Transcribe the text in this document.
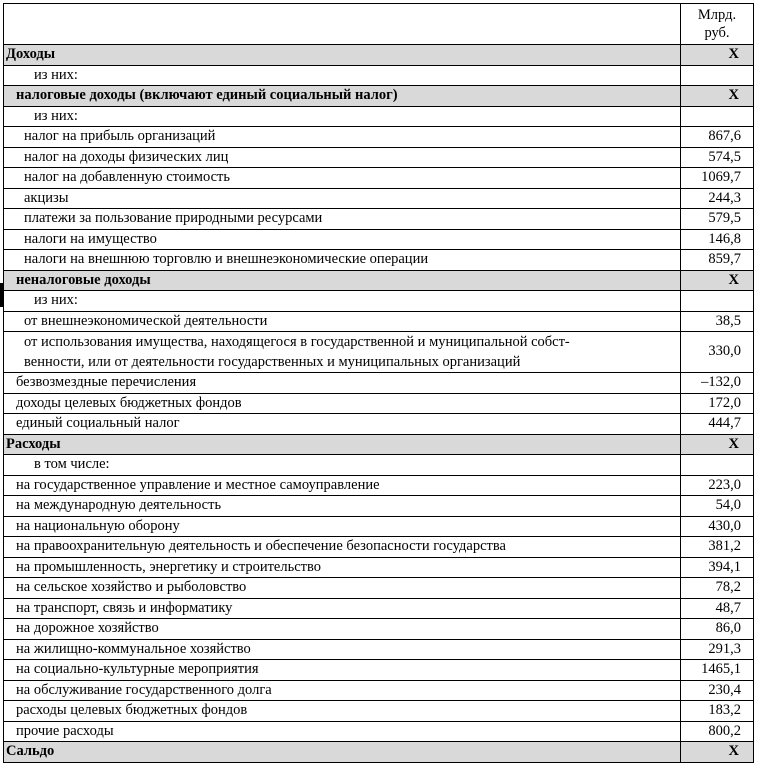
	Млрд.
руб.
Доходы	X
из них:	
налоговые доходы (включают единый социальный налог)	X
из них:	
налог на прибыль организаций	867,6
налог на доходы физических лиц	574,5
налог на добавленную стоимость	1069,7
акцизы	244,3
платежи за пользование природными ресурсами	579,5
налоги на имущество	146,8
налоги на внешнюю торговлю и внешнеэкономические операции	859,7
неналоговые доходы	X
из них:	
от внешнеэкономической деятельности	38,5
от использования имущества, находящегося в государственной и муниципальной собст-
венности, или от деятельности государственных и муниципальных организаций	330,0
безвозмездные перечисления	–132,0
доходы целевых бюджетных фондов	172,0
единый социальный налог	444,7
Расходы	X
в том числе:	
на государственное управление и местное самоуправление	223,0
на международную деятельность	54,0
на национальную оборону	430,0
на правоохранительную деятельность и обеспечение безопасности государства	381,2
на промышленность, энергетику и строительство	394,1
на сельское хозяйство и рыболовство	78,2
на транспорт, связь и информатику	48,7
на дорожное хозяйство	86,0
на жилищно-коммунальное хозяйство	291,3
на социально-культурные мероприятия	1465,1
на обслуживание государственного долга	230,4
расходы целевых бюджетных фондов	183,2
прочие расходы	800,2
Сальдо	X
